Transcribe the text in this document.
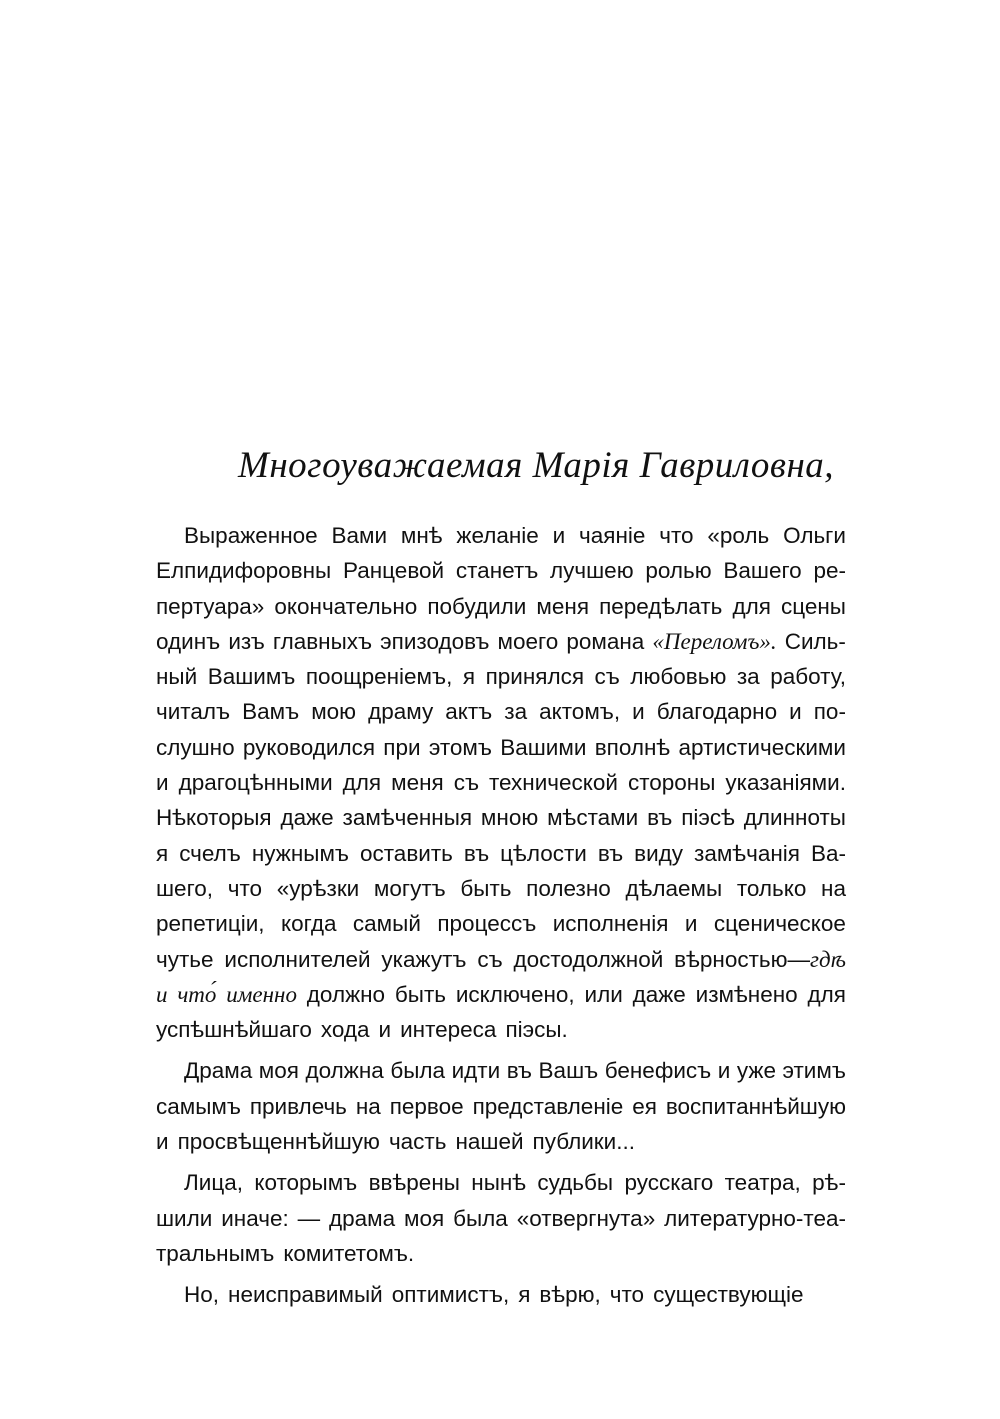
Многоуважаемая Марія Гавриловна,
Выраженное Вами мнѣ желаніе и чаяніе что «роль Ольги
Елпидифоровны Ранцевой станетъ лучшею ролью Вашего ре-
пертуара» окончательно побудили меня передѣлать для сцены
одинъ изъ главныхъ эпизодовъ моего романа «Переломъ». Силь-
ный Вашимъ поощреніемъ, я принялся съ любовью за работу,
читалъ Вамъ мою драму актъ за актомъ, и благодарно и по-
слушно руководился при этомъ Вашими вполнѣ артистическими
и драгоцѣнными для меня съ технической стороны указаніями.
Нѣкоторыя даже замѣченныя мною мѣстами въ піэсѣ длинноты
я счелъ нужнымъ оставить въ цѣлости въ виду замѣчанія Ва-
шего, что «урѣзки могутъ быть полезно дѣлаемы только на
репетиціи, когда самый процессъ исполненія и сценическое
чутье исполнителей укажутъ съ достодолжной вѣрностью—гдѣ
и что́ именно должно быть исключено, или даже измѣнено для
успѣшнѣйшаго хода и интереса піэсы.
Драма моя должна была идти въ Вашъ бенефисъ и уже этимъ
самымъ привлечь на первое представленіе ея воспитаннѣйшую
и просвѣщеннѣйшую часть нашей публики...
Лица, которымъ ввѣрены нынѣ судьбы русскаго театра, рѣ-
шили иначе: — драма моя была «отвергнута» литературно-теа-
тральнымъ комитетомъ.
Но, неисправимый оптимистъ, я вѣрю, что существующіе
